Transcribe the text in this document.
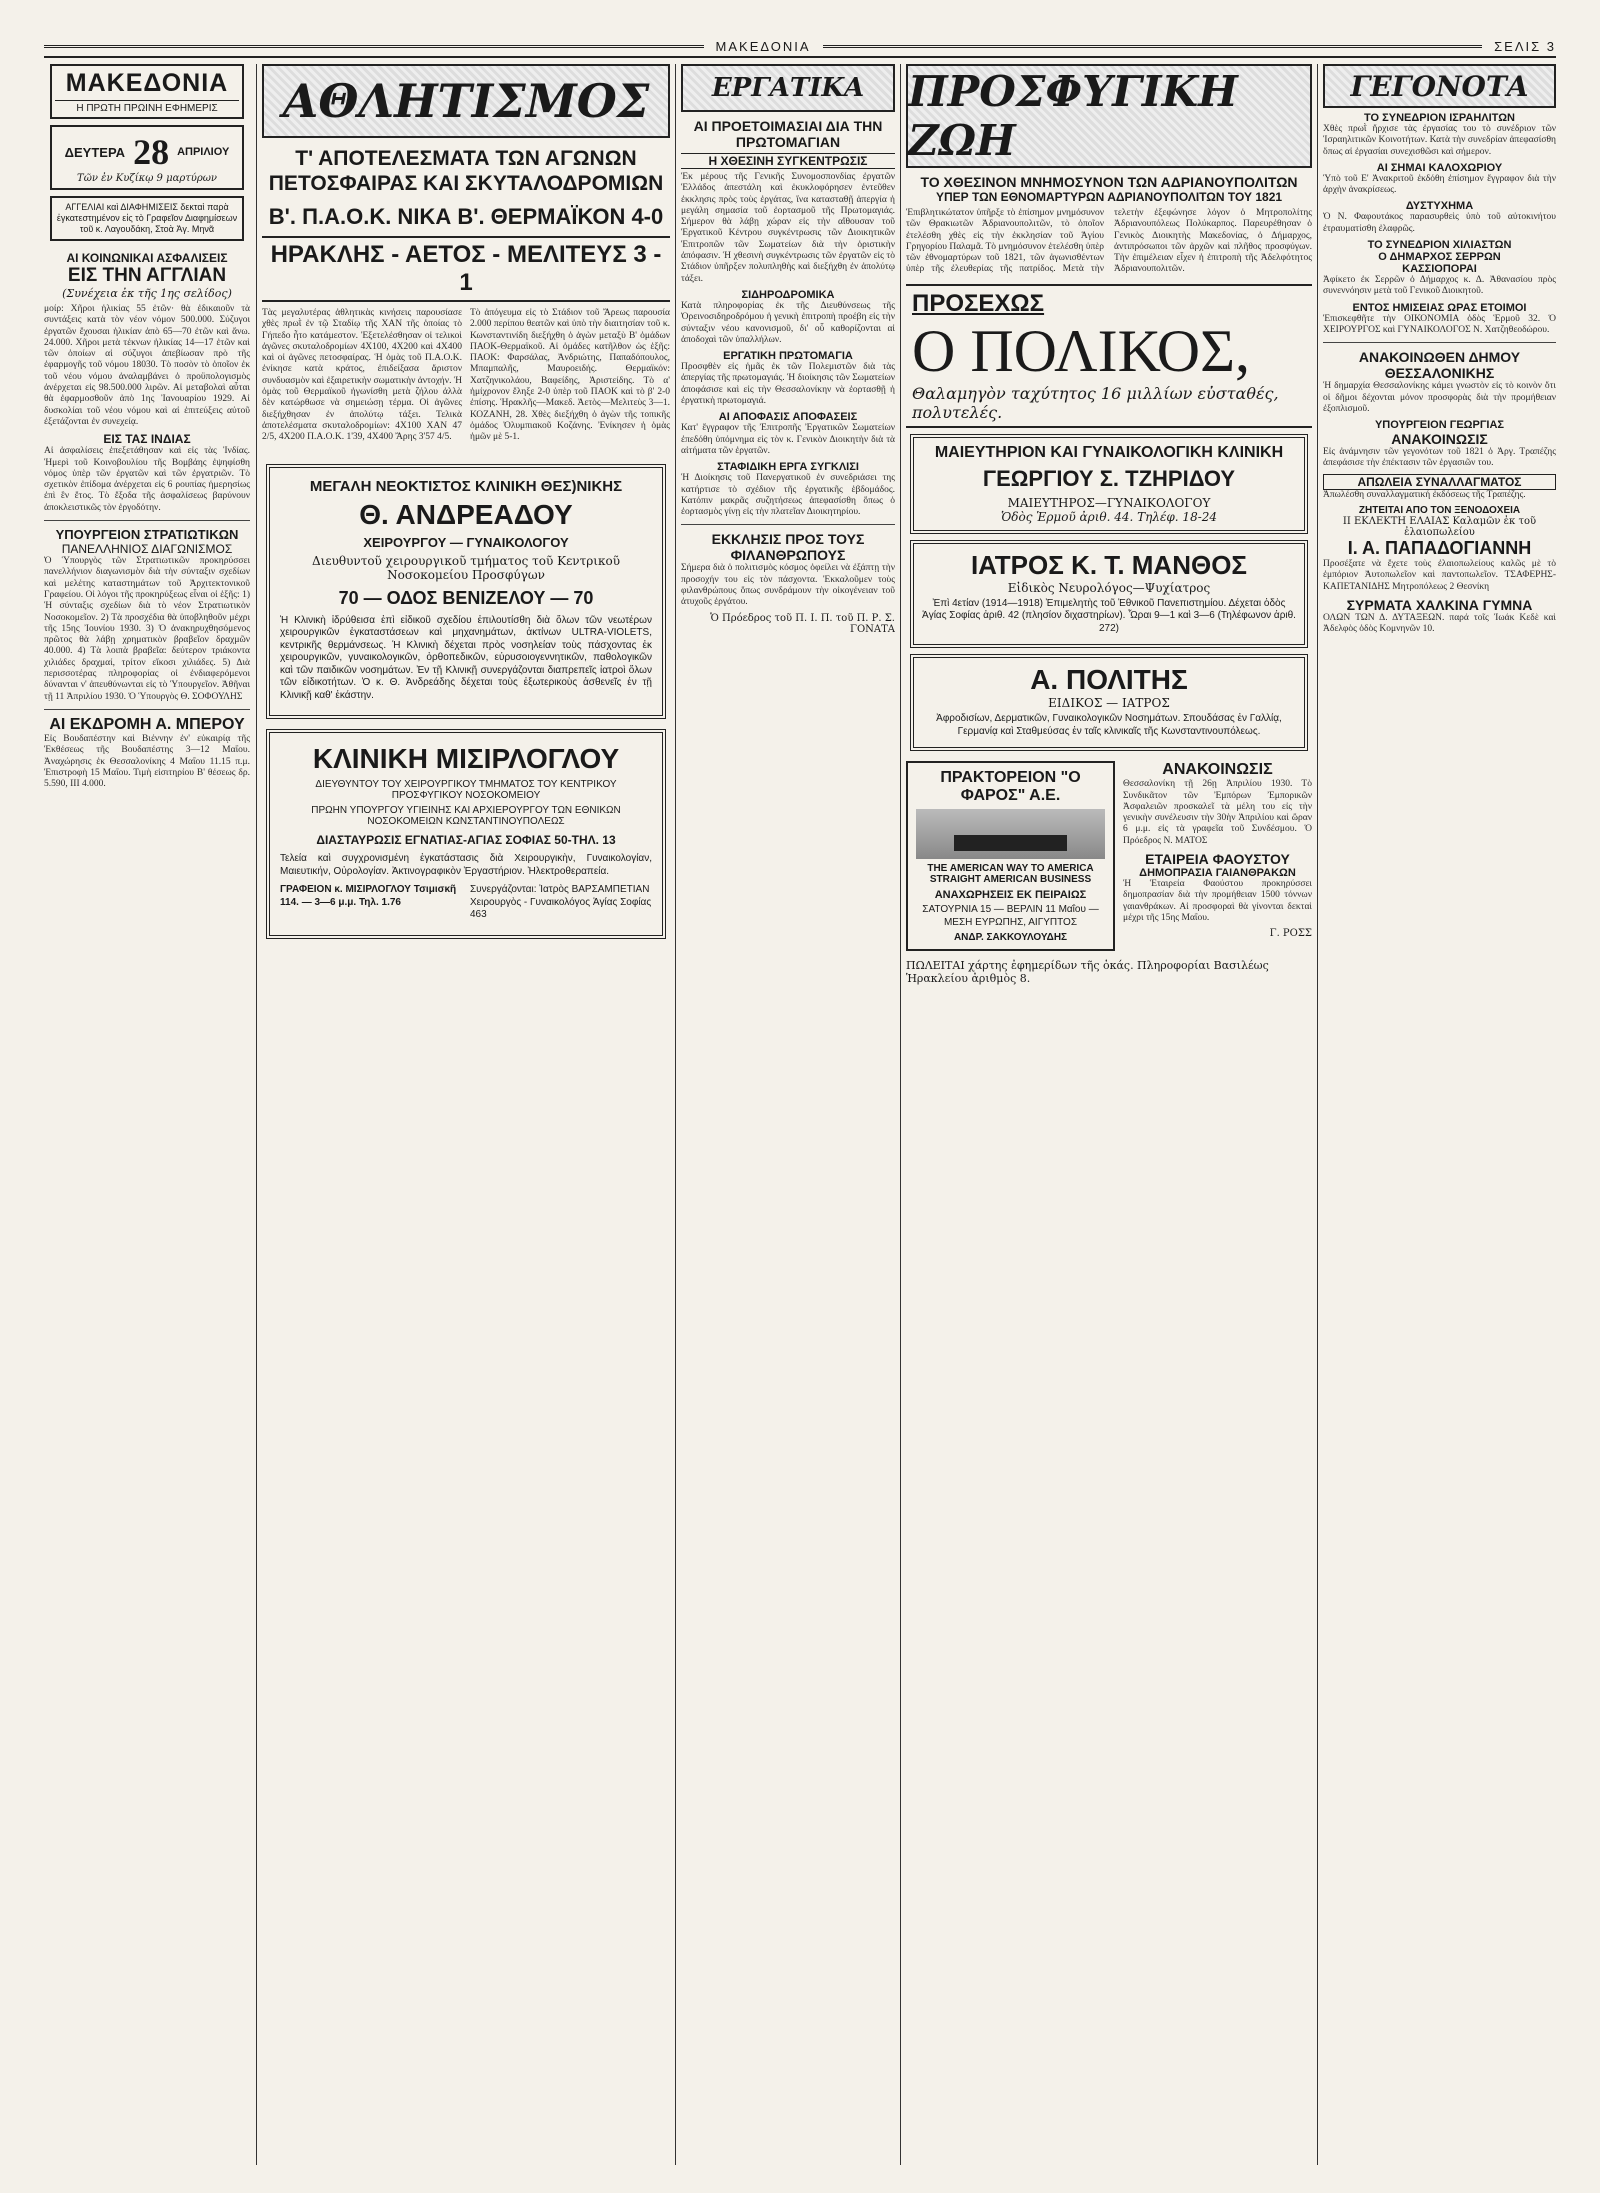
ΜΑΚΕΔΟΝΙΑ	ΣΕΛΙΣ 3
ΜΑΚΕΔΟΝΙΑ
Η ΠΡΩΤΗ ΠΡΩΙΝΗ ΕΦΗΜΕΡΙΣ
ΔΕΥΤΕΡΑ 28 ΑΠΡΙΛΙΟΥ
Τῶν ἐν Κυζίκῳ 9 μαρτύρων
ΑΓΓΕΛΙΑΙ καὶ ΔΙΑΦΗΜΙΣΕΙΣ δεκταὶ παρὰ ἐγκατεστημένον εἰς τὸ Γραφεῖον Διαφημίσεων τοῦ κ. Λαγουδάκη, Στοὰ Ἀγ. Μηνᾶ
ΑΙ ΚΟΙΝΩΝΙΚΑΙ ΑΣΦΑΛΙΣΕΙΣ
ΕΙΣ ΤΗΝ ΑΓΓΛΙΑΝ
(Συνέχεια ἐκ τῆς 1ης σελίδος)

μοίρ: Χῆροι ἡλικίας 55 ἐτῶν· θὰ ἐδικαιοῦν τὰ συντάξεις κατὰ τὸν νέον νόμον 500.000. Σύζυγοι ἐργατῶν ἔχουσαι ἡλικίαν ἀπὸ 65—70 ἐτῶν καὶ ἄνω. 24.000. Χῆροι μετὰ τέκνων ἡλικίας 14—17 ἐτῶν καὶ τῶν ὁποίων αἱ σύζυγοι ἀπεβίωσαν πρὸ τῆς ἐφαρμογῆς τοῦ νόμου 18030. Τὸ ποσὸν τὸ ὁποῖον ἐκ τοῦ νέου νόμου ἀναλαμβάνει ὁ προϋπολογισμὸς ἀνέρχεται εἰς 98.500.000 λιρῶν. Αἱ μεταβολαὶ αὗται θὰ ἐφαρμοσθοῦν ἀπὸ 1ης Ἰανουαρίου 1929. Αἱ δυσκολίαι τοῦ νέου νόμου καὶ αἱ ἐπιτεύξεις αὐτοῦ ἐξετάζονται ἐν συνεχείᾳ.

ΕΙΣ ΤΑΣ ΙΝΔΙΑΣ

Αἱ ἀσφαλίσεις ἐπεξετάθησαν καὶ εἰς τὰς Ἰνδίας. Ἡμερὶ τοῦ Κοινοβουλίου τῆς Βομβάης ἐψηφίσθη νόμος ὑπὲρ τῶν ἐργατῶν καὶ τῶν ἐργατριῶν. Τὸ σχετικὸν ἐπίδομα ἀνέρχεται εἰς 6 ρουπίας ἡμερησίως ἐπὶ ἓν ἔτος. Τὸ ἔξοδα τῆς ἀσφαλίσεως βαρύνουν ἀποκλειστικῶς τὸν ἐργοδότην.

ΥΠΟΥΡΓΕΙΟΝ ΣΤΡΑΤΙΩΤΙΚΩΝ
ΠΑΝΕΛΛΗΝΙΟΣ ΔΙΑΓΩΝΙΣΜΟΣ

Ὁ Ὑπουργὸς τῶν Στρατιωτικῶν προκηρύσσει πανελλήνιον διαγωνισμὸν διὰ τὴν σύνταξιν σχεδίων καὶ μελέτης καταστημάτων τοῦ Ἀρχιτεκτονικοῦ Γραφείου. Οἱ λόγοι τῆς προκηρύξεως εἶναι οἱ ἑξῆς: 1) Ἡ σύνταξις σχεδίων διὰ τὸ νέον Στρατιωτικὸν Νοσοκομεῖον. 2) Τὰ προσχέδια θὰ ὑποβληθοῦν μέχρι τῆς 15ης Ἰουνίου 1930. 3) Ὁ ἀνακηρυχθησόμενος πρῶτος θὰ λάβῃ χρηματικὸν βραβεῖον δραχμῶν 40.000. 4) Τὰ λοιπὰ βραβεῖα: δεύτερον τριάκοντα χιλιάδες δραχμαί, τρίτον εἴκοσι χιλιάδες. 5) Διὰ περισσοτέρας πληροφορίας οἱ ἐνδιαφερόμενοι δύνανται ν' ἀπευθύνωνται εἰς τὸ Ὑπουργεῖον. Ἀθῆναι τῇ 11 Ἀπριλίου 1930. Ὁ Ὑπουργὸς Θ. ΣΟΦΟΥΛΗΣ

ΑΙ ΕΚΔΡΟΜΗ Α. ΜΠΕΡΟΥ

Εἰς Βουδαπέστην καὶ Βιέννην ἐν' εὐκαιρίᾳ τῆς Ἐκθέσεως τῆς Βουδαπέστης 3—12 Μαΐου. Ἀναχώρησις ἐκ Θεσσαλονίκης 4 Μαΐου 11.15 π.μ. Ἐπιστροφὴ 15 Μαΐου. Τιμὴ εἰσιτηρίου Β' θέσεως δρ. 5.590, ΙΙΙ 4.000.

ΑΘΛΗΤΙΣΜΟΣ
Τ' ΑΠΟΤΕΛΕΣΜΑΤΑ ΤΩΝ ΑΓΩΝΩΝ ΠΕΤΟΣΦΑΙΡΑΣ ΚΑΙ ΣΚΥΤΑΛΟΔΡΟΜΙΩΝ
Β'. Π.Α.Ο.Κ. ΝΙΚΑ Β'. ΘΕΡΜΑΪΚΟΝ 4-0
ΗΡΑΚΛΗΣ - ΑΕΤΟΣ - ΜΕΛΙΤΕΥΣ 3 - 1

Τὰς μεγαλυτέρας ἀθλητικὰς κινήσεις παρουσίασε χθὲς πρωῒ ἐν τῷ Σταδίῳ τῆς ΧΑΝ τῆς ὁποίας τὸ Γήπεδο ἦτο κατάμεστον. Ἐξετελέσθησαν οἱ τελικοὶ ἀγῶνες σκυταλοδρομίων 4Χ100, 4Χ200 καὶ 4Χ400 καὶ οἱ ἀγῶνες πετοσφαίρας. Ἡ ὁμὰς τοῦ Π.Α.Ο.Κ. ἐνίκησε κατὰ κράτος, ἐπιδείξασα ἄριστον συνδυασμὸν καὶ ἐξαιρετικὴν σωματικὴν ἀντοχήν. Ἡ ὁμὰς τοῦ Θερμαϊκοῦ ἠγωνίσθη μετὰ ζήλου ἀλλὰ δὲν κατώρθωσε νὰ σημειώσῃ τέρμα. Οἱ ἀγῶνες διεξήχθησαν ἐν ἀπολύτῳ τάξει. Τελικὰ ἀποτελέσματα σκυταλοδρομίων: 4Χ100 ΧΑΝ 47 2/5, 4Χ200 Π.Α.Ο.Κ. 1'39, 4Χ400 Ἄρης 3'57 4/5.

Τὸ ἀπόγευμα εἰς τὸ Στάδιον τοῦ Ἄρεως παρουσία 2.000 περίπου θεατῶν καὶ ὑπὸ τὴν διαιτησίαν τοῦ κ. Κωνσταντινίδη διεξήχθη ὁ ἀγὼν μεταξὺ Β' ὁμάδων ΠΑΟΚ-Θερμαϊκοῦ. Αἱ ὁμάδες κατῆλθον ὡς ἑξῆς: ΠΑΟΚ: Φαρσάλας, Ἀνδριώτης, Παπαδόπουλος, Μπαμπαλῆς, Μαυροειδής. Θερμαϊκόν: Χατζηνικολάου, Βαφείδης, Ἀριστείδης. Τὸ α' ἡμίχρονον ἔληξε 2-0 ὑπὲρ τοῦ ΠΑΟΚ καὶ τὸ β' 2-0 ἐπίσης. Ἡρακλῆς—Μακεδ. Ἀετὸς—Μελιτεὺς 3—1. ΚΟΖΑΝΗ, 28. Χθὲς διεξήχθη ὁ ἀγὼν τῆς τοπικῆς ὁμάδος Ὀλυμπιακοῦ Κοζάνης. Ἐνίκησεν ἡ ὁμὰς ἡμῶν μὲ 5-1.

ΜΕΓΑΛΗ ΝΕΟΚΤΙΣΤΟΣ ΚΛΙΝΙΚΗ ΘΕΣ)ΝΙΚΗΣ
Θ. ΑΝΔΡΕΑΔΟΥ
ΧΕΙΡΟΥΡΓΟΥ — ΓΥΝΑΙΚΟΛΟΓΟΥ
Διευθυντοῦ χειρουργικοῦ τμήματος τοῦ Κεντρικοῦ Νοσοκομείου Προσφύγων
70 — ΟΔΟΣ ΒΕΝΙΖΕΛΟΥ — 70

Ἡ Κλινικὴ ἱδρύθεισα ἐπὶ εἰδικοῦ σχεδίου ἐπιλουτίσθη διὰ ὅλων τῶν νεωτέρων χειρουργικῶν ἐγκαταστάσεων καὶ μηχανημάτων, ἀκτίνων ULTRA-VIOLETS, κεντρικῆς θερμάνσεως. Ἡ Κλινικὴ δέχεται πρὸς νοσηλείαν τοὺς πάσχοντας ἐκ χειρουργικῶν, γυναικολογικῶν, ὀρθοπεδικῶν, εὐρυσοιογεννητικῶν, παθολογικῶν καὶ τῶν παιδικῶν νοσημάτων. Ἐν τῇ Κλινικῇ συνεργάζονται διαπρεπεῖς ἰατροὶ ὅλων τῶν εἰδικοτήτων. Ὁ κ. Θ. Ἀνδρεάδης δέχεται τοὺς ἐξωτερικοὺς ἀσθενεῖς ἐν τῇ Κλινικῇ καθ' ἑκάστην.

ΚΛΙΝΙΚΗ ΜΙΣΙΡΛΟΓΛΟΥ
ΔΙΕΥΘΥΝΤΟΥ ΤΟΥ ΧΕΙΡΟΥΡΓΙΚΟΥ ΤΜΗΜΑΤΟΣ ΤΟΥ ΚΕΝΤΡΙΚΟΥ ΠΡΟΣΦΥΓΙΚΟΥ ΝΟΣΟΚΟΜΕΙΟΥ
ΠΡΩΗΝ ΥΠΟΥΡΓΟΥ ΥΓΙΕΙΝΗΣ ΚΑΙ ΑΡΧΙΕΡΟΥΡΓΟΥ ΤΩΝ ΕΘΝΙΚΩΝ ΝΟΣΟΚΟΜΕΙΩΝ ΚΩΝΣΤΑΝΤΙΝΟΥΠΟΛΕΩΣ
ΔΙΑΣΤΑΥΡΩΣΙΣ ΕΓΝΑΤΙΑΣ-ΑΓΙΑΣ ΣΟΦΙΑΣ 50-ΤΗΛ. 13

Τελεία καὶ συγχρονισμένη ἐγκατάστασις διὰ Χειρουργικὴν, Γυναικολογίαν, Μαιευτικήν, Οὐρολογίαν. Ἀκτινογραφικὸν Ἐργαστήριον. Ἠλεκτροθεραπεία.

ΓΡΑΦΕΙΟΝ κ. ΜΙΣΙΡΛΟΓΛΟΥ Τσιμισκῆ 114. — 3—6 μ.μ. Τηλ. 1.76
Συνεργάζονται: Ἰατρὸς ΒΑΡΣΑΜΠΕΤΙΑΝ Χειρουργὸς - Γυναικολόγος Ἁγίας Σοφίας 463
ΕΡΓΑΤΙΚΑ
ΑΙ ΠΡΟΕΤΟΙΜΑΣΙΑΙ ΔΙΑ ΤΗΝ ΠΡΩΤΟΜΑΓΙΑΝ
Η ΧΘΕΣΙΝΗ ΣΥΓΚΕΝΤΡΩΣΙΣ

Ἐκ μέρους τῆς Γενικῆς Συνομοσπονδίας ἐργατῶν Ἑλλάδος ἀπεστάλη καὶ ἐκυκλοφόρησεν ἐντεῦθεν ἐκκλησις πρὸς τοὺς ἐργάτας, ἵνα κατασταθῇ ἀπεργία ἡ μεγάλη σημασία τοῦ ἐορτασμοῦ τῆς Πρωτομαγιάς. Σήμερον θὰ λάβῃ χώραν εἰς τὴν αἴθουσαν τοῦ Ἐργατικοῦ Κέντρου συγκέντρωσις τῶν Διοικητικῶν Ἐπιτροπῶν τῶν Σωματείων διὰ τὴν ὁριστικὴν ἀπόφασιν. Ἡ χθεσινὴ συγκέντρωσις τῶν ἐργατῶν εἰς τὸ Στάδιον ὑπῆρξεν πολυπληθὴς καὶ διεξήχθη ἐν ἀπολύτῳ τάξει.

ΣΙΔΗΡΟΔΡΟΜΙΚΑ

Κατὰ πληροφορίας ἐκ τῆς Διευθύνσεως τῆς Ὀρεινοσιδηροδρόμου ἡ γενικὴ ἐπιτροπὴ προέβη εἰς τὴν σύνταξιν νέου κανονισμοῦ, δι' οὗ καθορίζονται αἱ ἀποδοχαὶ τῶν ὑπαλλήλων.

ΕΡΓΑΤΙΚΗ ΠΡΩΤΟΜΑΓΙΑ

Προσφθὲν εἰς ἡμᾶς ἐκ τῶν Πολεμιστῶν διὰ τὰς ἀπεργίας τῆς πρωτομαγιάς. Ἡ διοίκησις τῶν Σωματείων ἀποφάσισε καὶ εἰς τὴν Θεσσαλονίκην νὰ ἐορτασθῇ ἡ ἐργατικὴ πρωτομαγιά.

ΑΙ ΑΠΟΦΑΣΙΣ ΑΠΟΦΑΣΕΙΣ

Κατ' ἔγγραφον τῆς Ἐπιτροπῆς Ἐργατικῶν Σωματείων ἐπεδόθη ὑπόμνημα εἰς τὸν κ. Γενικὸν Διοικητὴν διὰ τὰ αἰτήματα τῶν ἐργατῶν.

ΣΤΑΦΙΔΙΚΗ ΕΡΓΑ ΣΥΓΚΛΙΣΙ

Ἡ Διοίκησις τοῦ Πανεργατικοῦ ἐν συνεδριάσει της κατήρτισε τὸ σχέδιον τῆς ἐργατικῆς ἑβδομάδος. Κατόπιν μακρᾶς συζητήσεως ἀπεφασίσθη ὅπως ὁ ἐορτασμὸς γίνῃ εἰς τὴν πλατεῖαν Διοικητηρίου.

ΕΚΚΛΗΣΙΣ ΠΡΟΣ ΤΟΥΣ ΦΙΛΑΝΘΡΩΠΟΥΣ

Σήμερα διὰ ὁ πολιτισμὸς κόσμος ὀφείλει νὰ ἐξάπτῃ τὴν προσοχήν του εἰς τὸν πάσχοντα. Ἐκκαλοῦμεν τοὺς φιλανθρώπους ὅπως συνδράμουν τὴν οἰκογένειαν τοῦ ἀτυχοῦς ἐργάτου.

Ὁ Πρόεδρος τοῦ Π. Ι. Π. τοῦ Π. Ρ. Σ. ΓΟΝΑΤΑ
ΠΡΟΣΦΥΓΙΚΗ ΖΩΗ
ΤΟ ΧΘΕΣΙΝΟΝ ΜΝΗΜΟΣΥΝΟΝ ΤΩΝ ΑΔΡΙΑΝΟΥΠΟΛΙΤΩΝ
ΥΠΕΡ ΤΩΝ ΕΘΝΟΜΑΡΤΥΡΩΝ ΑΔΡΙΑΝΟΥΠΟΛΙΤΩΝ ΤΟΥ 1821

Ἐπιβλητικώτατον ὑπῆρξε τὸ ἐπίσημον μνημόσυνον τῶν Θρακιωτῶν Ἀδριανουπολιτῶν, τὸ ὁποῖον ἐτελέσθη χθὲς εἰς τὴν ἐκκλησίαν τοῦ Ἁγίου Γρηγορίου Παλαμᾶ. Τὸ μνημόσυνον ἐτελέσθη ὑπὲρ τῶν ἐθνομαρτύρων τοῦ 1821, τῶν ἀγωνισθέντων ὑπὲρ τῆς ἐλευθερίας τῆς πατρίδος. Μετὰ τὴν τελετὴν ἐξεφώνησε λόγον ὁ Μητροπολίτης Ἀδριανουπόλεως Πολύκαρπος. Παρευρέθησαν ὁ Γενικὸς Διοικητὴς Μακεδονίας, ὁ Δήμαρχος, ἀντιπρόσωποι τῶν ἀρχῶν καὶ πλῆθος προσφύγων. Τὴν ἐπιμέλειαν εἶχεν ἡ ἐπιτροπὴ τῆς Ἀδελφότητος Ἀδριανουπολιτῶν.

ΠΡΟΣΕΧΩΣ
Ο ΠΟΛΙΚΟΣ,
Θαλαμηγὸν ταχύτητος 16 μιλλίων εὐσταθές, πολυτελές.
ΜΑΙΕΥΤΗΡΙΟΝ ΚΑΙ ΓΥΝΑΙΚΟΛΟΓΙΚΗ ΚΛΙΝΙΚΗ
ΓΕΩΡΓΙΟΥ Σ. ΤΖΗΡΙΔΟΥ
ΜΑΙΕΥΤΗΡΟΣ—ΓΥΝΑΙΚΟΛΟΓΟΥ
Ὁδὸς Ἑρμοῦ ἀριθ. 44. Τηλέφ. 18-24
ΙΑΤΡΟΣ Κ. Τ. ΜΑΝΘΟΣ
Εἰδικὸς Νευρολόγος—Ψυχίατρος

Ἐπὶ 4ετίαν (1914—1918) Ἐπιμελητὴς τοῦ Ἐθνικοῦ Πανεπιστημίου. Δέχεται ὁδὸς Ἁγίας Σοφίας ἀριθ. 42 (πλησίον διχαστηρίων). Ὧραι 9—1 καὶ 3—6 (Τηλέφωνον ἀριθ. 272)

Α. ΠΟΛΙΤΗΣ
ΕΙΔΙΚΟΣ — ΙΑΤΡΟΣ

Ἀφροδισίων, Δερματικῶν, Γυναικολογικῶν Νοσημάτων. Σπουδάσας ἐν Γαλλίᾳ, Γερμανίᾳ καὶ Σταθμεύσας ἐν ταῖς κλινικαῖς τῆς Κωνσταντινουπόλεως.

ΠΡΑΚΤΟΡΕΙΟΝ "Ο ΦΑΡΟΣ" Α.Ε.
THE AMERICAN WAY TO AMERICA STRAIGHT AMERICAN BUSINESS
ΑΝΑΧΩΡΗΣΕΙΣ ΕΚ ΠΕΙΡΑΙΩΣ

ΣΑΤΟΥΡΝΙΑ 15 — ΒΕΡΛΙΝ 11 Μαΐου — ΜΕΣΗ ΕΥΡΩΠΗΣ, ΑΙΓΥΠΤΟΣ

ΑΝΔΡ. ΣΑΚΚΟΥΛΟΥΔΗΣ
ΑΝΑΚΟΙΝΩΣΙΣ

Θεσσαλονίκη τῇ 26ῃ Ἀπριλίου 1930. Τὸ Συνδικᾶτον τῶν Ἐμπόρων Ἐμπορικῶν Ἀσφαλειῶν προσκαλεῖ τὰ μέλη του εἰς τὴν γενικὴν συνέλευσιν τὴν 30ὴν Ἀπριλίου καὶ ὥραν 6 μ.μ. εἰς τὰ γραφεῖα τοῦ Συνδέσμου. Ὁ Πρόεδρος Ν. ΜΑΤΟΣ

ΕΤΑΙΡΕΙΑ ΦΑΟΥΣΤΟΥ
ΔΗΜΟΠΡΑΣΙΑ ΓΑΙΑΝΘΡΑΚΩΝ

Ἡ Ἑταιρεία Φαούστου προκηρύσσει δημοπρασίαν διὰ τὴν προμήθειαν 1500 τόννων γαιανθράκων. Αἱ προσφοραὶ θὰ γίνονται δεκταὶ μέχρι τῆς 15ης Μαΐου.

Γ. ΡΟΣΣ
ΠΩΛΕΙΤΑΙ χάρτης ἐφημερίδων τῆς ὁκάς. Πληροφορίαι Βασιλέως Ἡρακλείου ἀριθμὸς 8.
ΓΕΓΟΝΟΤΑ
ΤΟ ΣΥΝΕΔΡΙΟΝ ΙΣΡΑΗΛΙΤΩΝ

Χθὲς πρωῒ ἤρχισε τὰς ἐργασίας του τὸ συνέδριον τῶν Ἰσραηλιτικῶν Κοινοτήτων. Κατὰ τὴν συνεδρίαν ἀπεφασίσθη ὅπως αἱ ἐργασίαι συνεχισθῶσι καὶ σήμερον.

ΑΙ ΣΗΜΑΙ ΚΑΛΟΧΩΡΙΟΥ

Ὑπὸ τοῦ Ε' Ἀνακριτοῦ ἐκδόθη ἐπίσημον ἔγγραφον διὰ τὴν ἀρχὴν ἀνακρίσεως.

ΔΥΣΤΥΧΗΜΑ

Ὁ Ν. Φαφουτάκος παρασυρθεὶς ὑπὸ τοῦ αὐτοκινήτου ἐτραυματίσθη ἐλαφρῶς.

ΤΟ ΣΥΝΕΔΡΙΟΝ ΧΙΛΙΑΣΤΩΝ
Ο ΔΗΜΑΡΧΟΣ ΣΕΡΡΩΝ
ΚΑΣΣΙΟΠΟΡΑΙ

Ἀφίκετο ἐκ Σερρῶν ὁ Δήμαρχος κ. Δ. Ἀθανασίου πρὸς συνεννόησιν μετὰ τοῦ Γενικοῦ Διοικητοῦ.

ΕΝΤΟΣ ΗΜΙΣΕΙΑΣ ΩΡΑΣ ΕΤΟΙΜΟΙ

Ἐπισκεφθῆτε τὴν ΟΙΚΟΝΟΜΙΑ ὁδὸς Ἑρμοῦ 32. Ὁ ΧΕΙΡΟΥΡΓΟΣ καὶ ΓΥΝΑΙΚΟΛΟΓΟΣ Ν. Χατζηθεοδώρου.

ΑΝΑΚΟΙΝΩΘΕΝ ΔΗΜΟΥ ΘΕΣΣΑΛΟΝΙΚΗΣ

Ἡ δημαρχία Θεσσαλονίκης κάμει γνωστὸν εἰς τὸ κοινὸν ὅτι οἱ δῆμοι δέχονται μόνον προσφορὰς διὰ τὴν προμήθειαν ἐξοπλισμοῦ.

ΥΠΟΥΡΓΕΙΟΝ ΓΕΩΡΓΙΑΣ
ΑΝΑΚΟΙΝΩΣΙΣ

Εἰς ἀνάμνησιν τῶν γεγονότων τοῦ 1821 ὁ Ἀργ. Τραπέζης ἀπεφάσισε τὴν ἐπέκτασιν τῶν ἐργασιῶν του.

ΑΠΩΛΕΙΑ ΣΥΝΑΛΛΑΓΜΑΤΟΣ

Ἀπωλέσθη συναλλαγματική ἐκδόσεως τῆς Τραπέζης.

ΖΗΤΕΙΤΑΙ ΑΠΟ ΤΟΝ ΞΕΝΟΔΟΧΕΙΑ
ΙΙ ΕΚΛΕΚΤΗ ΕΛΑΙΑΣ Καλαμῶν ἐκ τοῦ ἐλαιοπωλείου
Ι. Α. ΠΑΠΑΔΟΓΙΑΝΝΗ

Προσέξατε νὰ ἔχετε τοὺς ἐλαιοπωλείους καλῶς μὲ τὸ ἐμπόριον Ἀυτοπωλεῖον καὶ παντοπωλεῖον. ΤΣΑΦΕΡΗΣ-ΚΑΠΕΤΑΝΙΔΗΣ Μητροπόλεως 2 Θεσνίκη

ΣΥΡΜΑΤΑ ΧΑΛΚΙΝΑ ΓΥΜΝΑ

ΟΛΩΝ ΤΩΝ Δ. ΔΥΤΑΞΕΩΝ. παρά τοῖς Ἰωάκ Κεδὲ καὶ Ἀδελφὸς ὁδὸς Κομνηνῶν 10.
